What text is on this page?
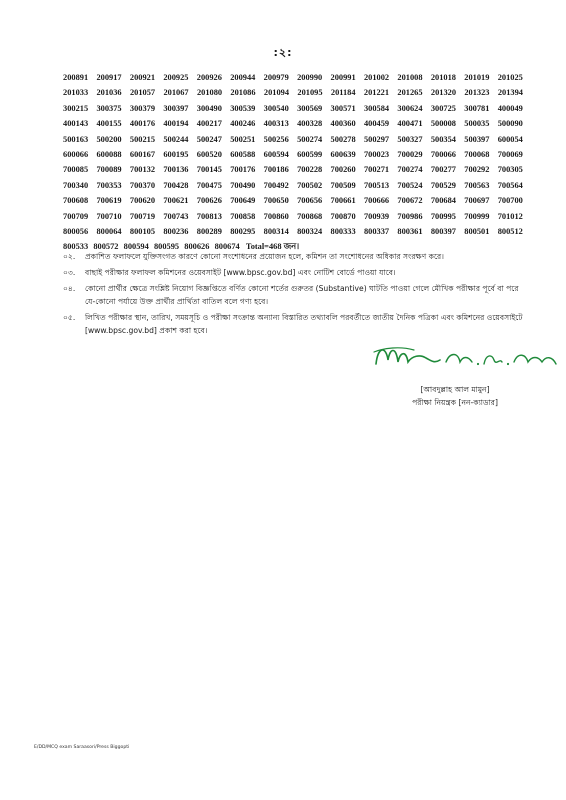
:২:
200891 200917 200921 200925 200926 200944 200979 200990 200991 201002 201008 201018 201019 201025
201033 201036 201057 201067 201080 201086 201094 201095 201184 201221 201265 201320 201323 201394
300215 300375 300379 300397 300490 300539 300540 300569 300571 300584 300624 300725 300781 400049
400143 400155 400176 400194 400217 400246 400313 400328 400360 400459 400471 500008 500035 500090
500163 500200 500215 500244 500247 500251 500256 500274 500278 500297 500327 500354 500397 600054
600066 600088 600167 600195 600520 600588 600594 600599 600639 700023 700029 700066 700068 700069
700085 700089 700132 700136 700145 700176 700186 700228 700260 700271 700274 700277 700292 700305
700340 700353 700370 700428 700475 700490 700492 700502 700509 700513 700524 700529 700563 700564
700608 700619 700620 700621 700626 700649 700650 700656 700661 700666 700672 700684 700697 700700
700709 700710 700719 700743 700813 700858 700860 700868 700870 700939 700986 700995 700999 701012
800056 800064 800105 800236 800289 800295 800314 800324 800333 800337 800361 800397 800501 800512
800533 800572 800594 800595 800626 800674 Total=468 জন।
০২.	প্রকাশিত ফলাফলে যুক্তিসংগত কারণে কোনো সংশোধনের প্রয়োজন হলে, কমিশন তা সংশোধনের অধিকার সংরক্ষণ করে।
০৩.	বাছাই পরীক্ষার ফলাফল কমিশনের ওয়েবসাইট [www.bpsc.gov.bd] এবং নোটিশ বোর্ডে পাওয়া যাবে।
০৪.	কোনো প্রার্থীর ক্ষেত্রে সংশ্লিষ্ট নিয়োগ বিজ্ঞপ্তিতে বর্ণিত কোনো শর্তের গুরুতর (Substantive) ঘাটতি পাওয়া গেলে মৌখিক পরীক্ষার পূর্বে বা পরে যে-কোনো পর্যায়ে উক্ত প্রার্থীর প্রার্থিতা বাতিল বলে গণ্য হবে।
০৫.	লিখিত পরীক্ষার স্থান, তারিখ, সময়সূচি ও পরীক্ষা সংক্রান্ত অন্যান্য বিস্তারিত তথ্যাবলি পরবর্তীতে জাতীয় দৈনিক পত্রিকা এবং কমিশনের ওয়েবসাইটে [www.bpsc.gov.bd] প্রকাশ করা হবে।
[আবদুল্লাহ আল মামুন]
পরীক্ষা নিয়ন্ত্রক [নন-ক্যাডার]
E/DD/MCQ exam Saraasori/Press Biggopti
